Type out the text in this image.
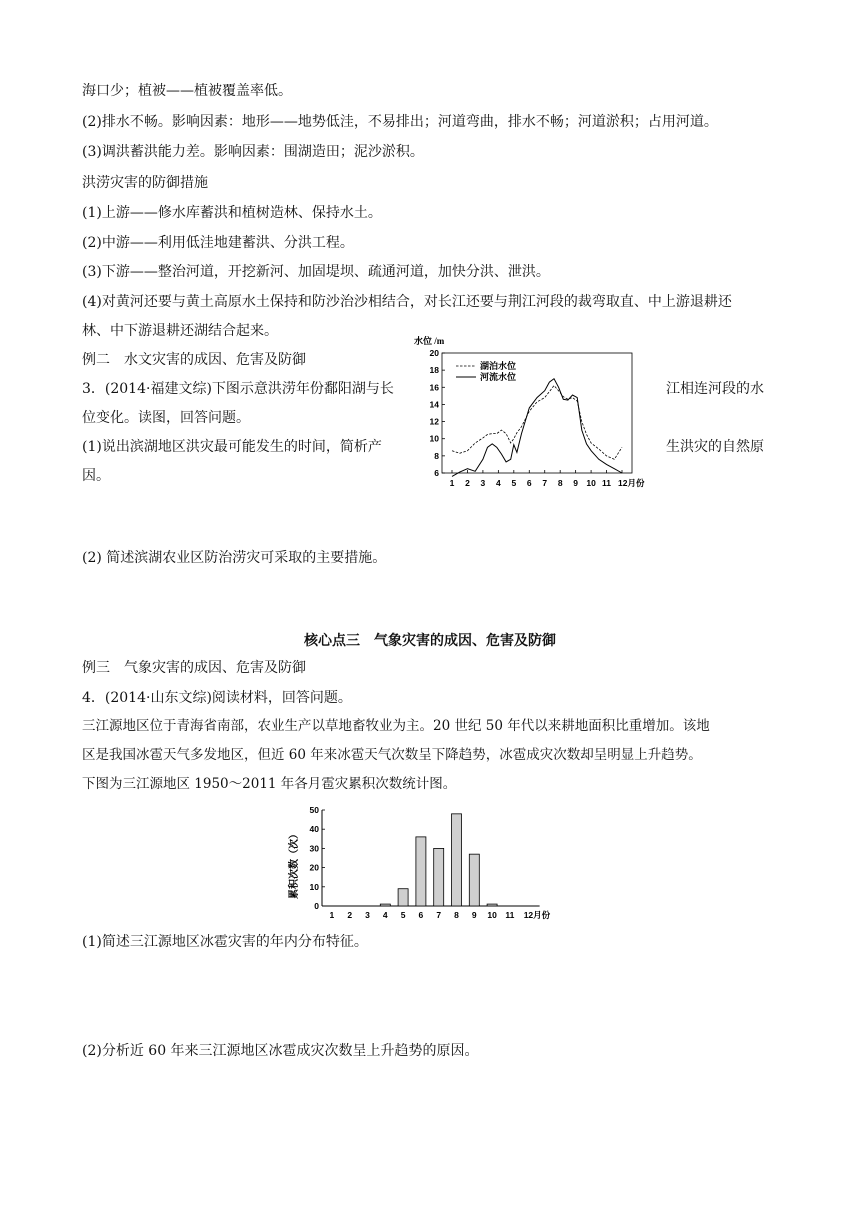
海口少；植被——植被覆盖率低。
(2)排水不畅。影响因素：地形——地势低洼，不易排出；河道弯曲，排水不畅；河道淤积；占用河道。
(3)调洪蓄洪能力差。影响因素：围湖造田；泥沙淤积。
洪涝灾害的防御措施
(1)上游——修水库蓄洪和植树造林、保持水土。
(2)中游——利用低洼地建蓄洪、分洪工程。
(3)下游——整治河道，开挖新河、加固堤坝、疏通河道，加快分洪、泄洪。
(4)对黄河还要与黄土高原水土保持和防沙治沙相结合，对长江还要与荆江河段的裁弯取直、中上游退耕还
林、中下游退耕还湖结合起来。
例二　水文灾害的成因、危害及防御
3．(2014·福建文综)下图示意洪涝年份鄱阳湖与长	江相连河段的水
位变化。读图，回答问题。
(1)说出滨湖地区洪灾最可能发生的时间，简析产	生洪灾的自然原
因。
(2) 简述滨湖农业区防治涝灾可采取的主要措施。
核心点三　气象灾害的成因、危害及防御
例三　气象灾害的成因、危害及防御
4．(2014·山东文综)阅读材料，回答问题。
三江源地区位于青海省南部，农业生产以草地畜牧业为主。20 世纪 50 年代以来耕地面积比重增加。该地
区是我国冰雹天气多发地区，但近 60 年来冰雹天气次数呈下降趋势，冰雹成灾次数却呈明显上升趋势。
下图为三江源地区 1950～2011 年各月雹灾累积次数统计图。
(1)简述三江源地区冰雹灾害的年内分布特征。
(2)分析近 60 年来三江源地区冰雹成灾次数呈上升趋势的原因。
水位 /m
6
8
10
12
14
16
18
20
1 2 3 4 5 6 7 8 9 10 11 12月份
湖泊水位
河流水位
累积次数（次）
0
10
20
30
40
50
1 2 3 4 5 6 7 8 9 10 11 12月份
